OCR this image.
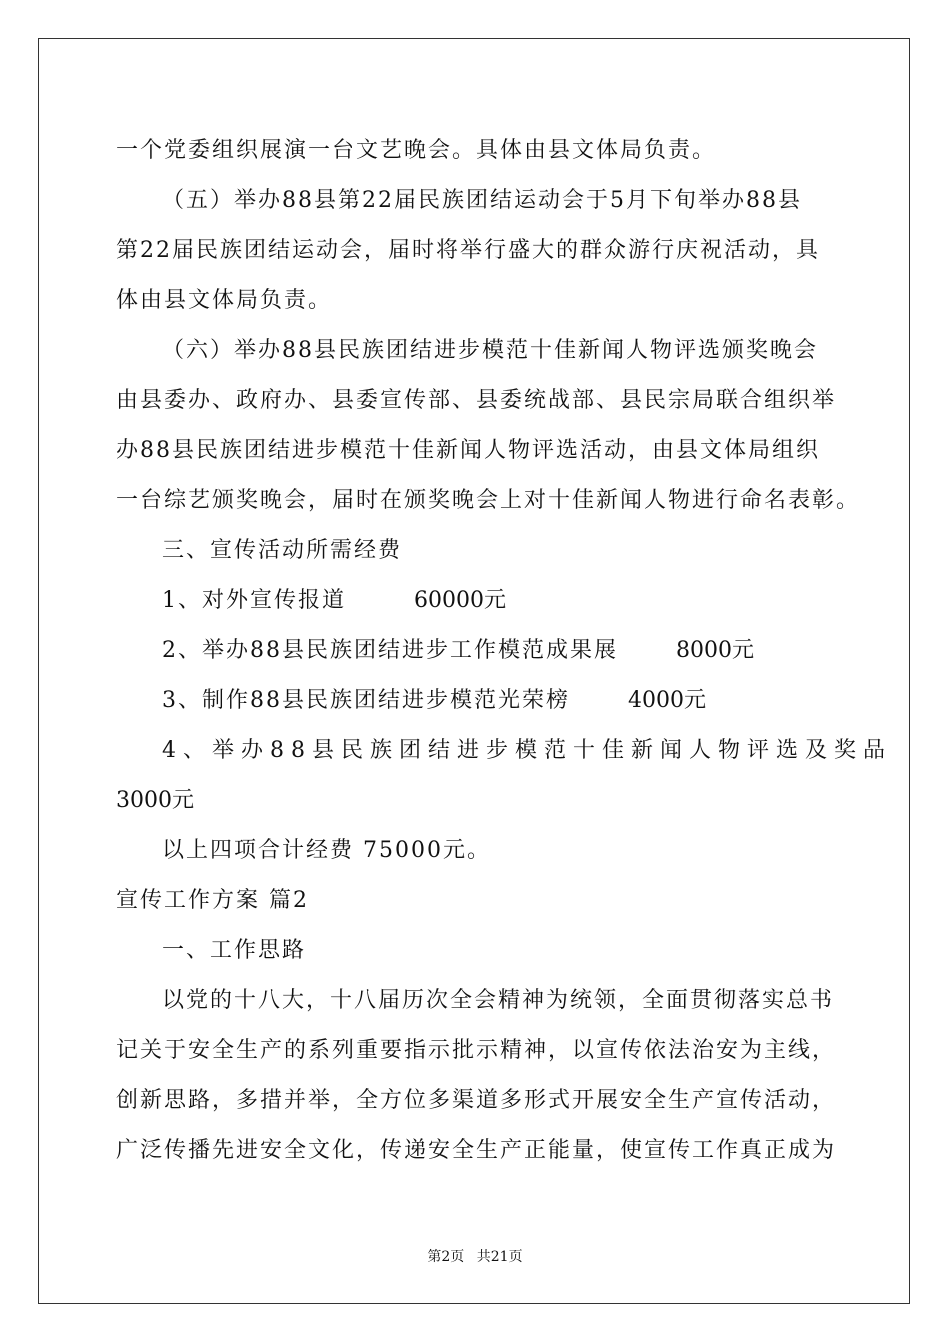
一个党委组织展演一台文艺晚会。具体由县文体局负责。
（五）举办88县第22届民族团结运动会于5月下旬举办88县
第22届民族团结运动会，届时将举行盛大的群众游行庆祝活动，具
体由县文体局负责。
（六）举办88县民族团结进步模范十佳新闻人物评选颁奖晚会
由县委办、政府办、县委宣传部、县委统战部、县民宗局联合组织举
办88县民族团结进步模范十佳新闻人物评选活动，由县文体局组织
一台综艺颁奖晚会，届时在颁奖晚会上对十佳新闻人物进行命名表彰。
三、宣传活动所需经费
1、对外宣传报道	60000元
2、举办88县民族团结进步工作模范成果展	8000元
3、制作88县民族团结进步模范光荣榜	4000元
4、举办88县民族团结进步模范十佳新闻人物评选及奖品
3000元
以上四项合计经费 75000元。
宣传工作方案 篇2
一、工作思路
以党的十八大，十八届历次全会精神为统领，全面贯彻落实总书
记关于安全生产的系列重要指示批示精神，以宣传依法治安为主线，
创新思路，多措并举，全方位多渠道多形式开展安全生产宣传活动，
广泛传播先进安全文化，传递安全生产正能量，使宣传工作真正成为
第2页 共21页
